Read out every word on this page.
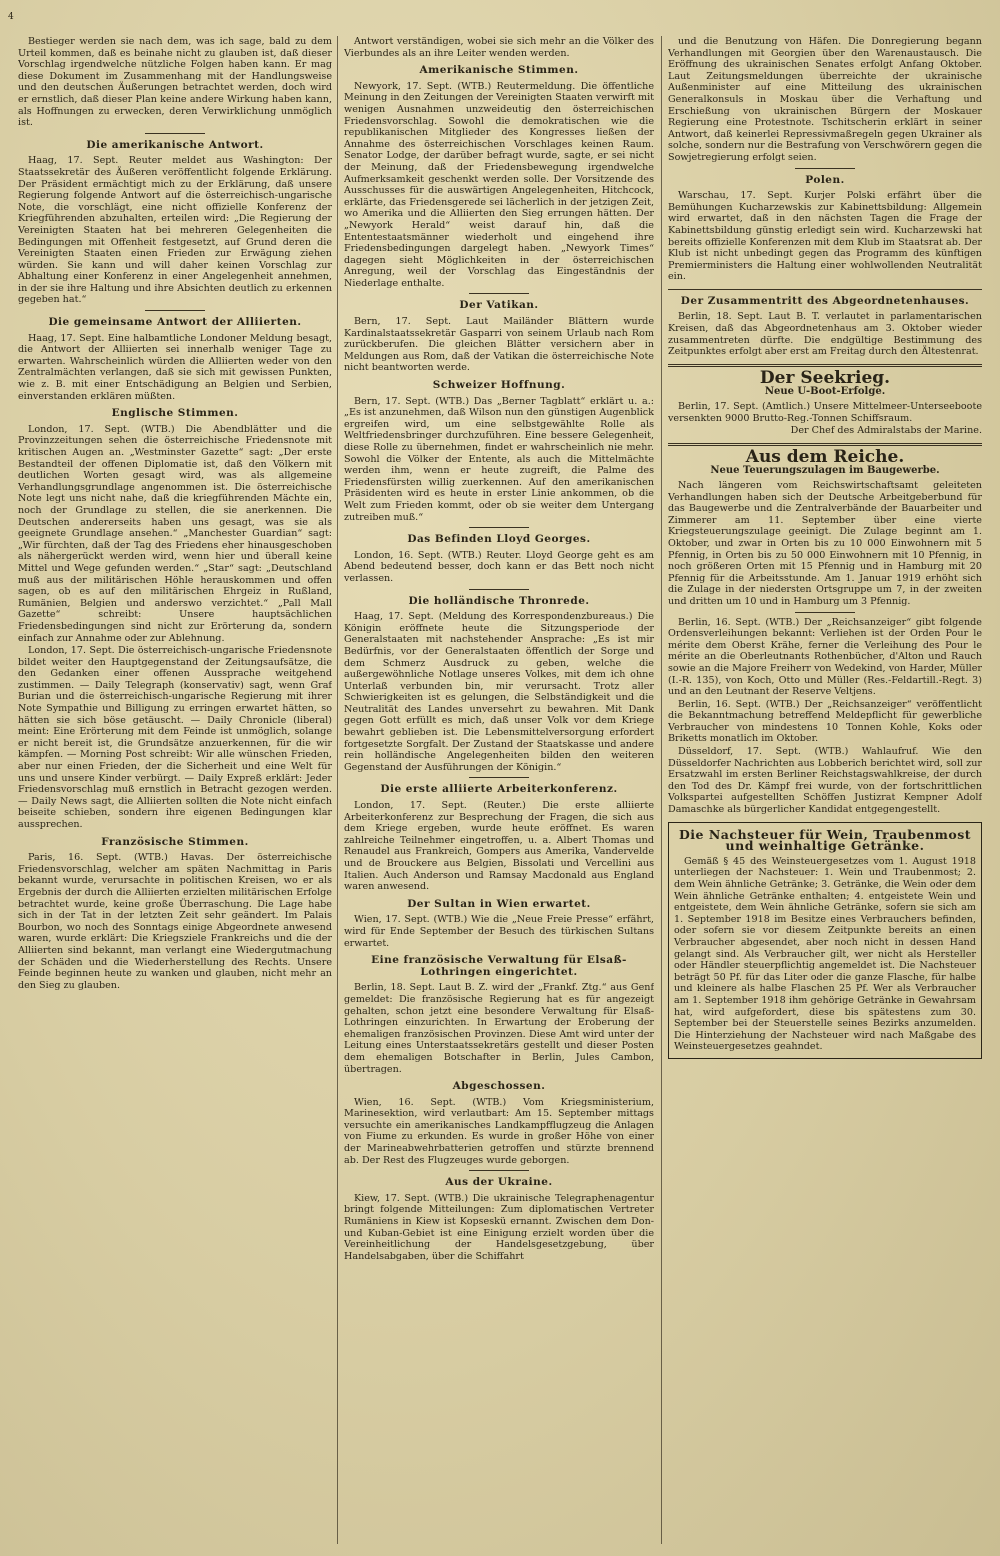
4

Bestieger werden sie nach dem, was ich sage, bald zu dem Urteil kommen, daß es beinahe nicht zu glauben ist, daß dieser Vorschlag irgendwelche nützliche Folgen haben kann. Er mag diese Dokument im Zusammenhang mit der Handlungsweise und den deutschen Äußerungen betrachtet werden, doch wird er ernstlich, daß dieser Plan keine andere Wirkung haben kann, als Hoffnungen zu erwecken, deren Verwirklichung unmöglich ist.

Die amerikanische Antwort.

Haag, 17. Sept. Reuter meldet aus Washington: Der Staatssekretär des Äußeren veröffentlicht folgende Erklärung. Der Präsident ermächtigt mich zu der Erklärung, daß unsere Regierung folgende Antwort auf die österreichisch-ungarische Note, die vorschlägt, eine nicht offizielle Konferenz der Kriegführenden abzuhalten, erteilen wird: „Die Regierung der Vereinigten Staaten hat bei mehreren Gelegenheiten die Bedingungen mit Offenheit festgesetzt, auf Grund deren die Vereinigten Staaten einen Frieden zur Erwägung ziehen würden. Sie kann und will daher keinen Vorschlag zur Abhaltung einer Konferenz in einer Angelegenheit annehmen, in der sie ihre Haltung und ihre Absichten deutlich zu erkennen gegeben hat.“

Die gemeinsame Antwort der Alliierten.

Haag, 17. Sept. Eine halbamtliche Londoner Meldung besagt, die Antwort der Alliierten sei innerhalb weniger Tage zu erwarten. Wahrscheinlich würden die Alliierten weder von den Zentralmächten verlangen, daß sie sich mit gewissen Punkten, wie z. B. mit einer Entschädigung an Belgien und Serbien, einverstanden erklären müßten.

Englische Stimmen.

London, 17. Sept. (WTB.) Die Abendblätter und die Provinzzeitungen sehen die österreichische Friedensnote mit kritischen Augen an. „Westminster Gazette“ sagt: „Der erste Bestandteil der offenen Diplomatie ist, daß den Völkern mit deutlichen Worten gesagt wird, was als allgemeine Verhandlungsgrundlage angenommen ist. Die österreichische Note legt uns nicht nahe, daß die kriegführenden Mächte ein, noch der Grundlage zu stellen, die sie anerkennen. Die Deutschen andererseits haben uns gesagt, was sie als geeignete Grundlage ansehen.“ „Manchester Guardian“ sagt: „Wir fürchten, daß der Tag des Friedens eher hinausgeschoben als nähergerückt werden wird, wenn hier und überall keine Mittel und Wege gefunden werden.“ „Star“ sagt: „Deutschland muß aus der militärischen Höhle herauskommen und offen sagen, ob es auf den militärischen Ehrgeiz in Rußland, Rumänien, Belgien und anderswo verzichtet.“ „Pall Mall Gazette“ schreibt: Unsere hauptsächlichen Friedensbedingungen sind nicht zur Erörterung da, sondern einfach zur Annahme oder zur Ablehnung.

London, 17. Sept. Die österreichisch-ungarische Friedensnote bildet weiter den Hauptgegenstand der Zeitungsaufsätze, die den Gedanken einer offenen Aussprache weitgehend zustimmen. — Daily Telegraph (konservativ) sagt, wenn Graf Burian und die österreichisch-ungarische Regierung mit ihrer Note Sympathie und Billigung zu erringen erwartet hätten, so hätten sie sich böse getäuscht. — Daily Chronicle (liberal) meint: Eine Erörterung mit dem Feinde ist unmöglich, solange er nicht bereit ist, die Grundsätze anzuerkennen, für die wir kämpfen. — Morning Post schreibt: Wir alle wünschen Frieden, aber nur einen Frieden, der die Sicherheit und eine Welt für uns und unsere Kinder verbürgt. — Daily Expreß erklärt: Jeder Friedensvorschlag muß ernstlich in Betracht gezogen werden. — Daily News sagt, die Alliierten sollten die Note nicht einfach beiseite schieben, sondern ihre eigenen Bedingungen klar aussprechen.

Französische Stimmen.

Paris, 16. Sept. (WTB.) Havas. Der österreichische Friedensvorschlag, welcher am späten Nachmittag in Paris bekannt wurde, verursachte in politischen Kreisen, wo er als Ergebnis der durch die Alliierten erzielten militärischen Erfolge betrachtet wurde, keine große Überraschung. Die Lage habe sich in der Tat in der letzten Zeit sehr geändert. Im Palais Bourbon, wo noch des Sonntags einige Abgeordnete anwesend waren, wurde erklärt: Die Kriegsziele Frankreichs und die der Alliierten sind bekannt, man verlangt eine Wiedergutmachung der Schäden und die Wiederherstellung des Rechts. Unsere Feinde beginnen heute zu wanken und glauben, nicht mehr an den Sieg zu glauben.

Antwort verständigen, wobei sie sich mehr an die Völker des Vierbundes als an ihre Leiter wenden werden.

Amerikanische Stimmen.

Newyork, 17. Sept. (WTB.) Reutermeldung. Die öffentliche Meinung in den Zeitungen der Vereinigten Staaten verwirft mit wenigen Ausnahmen unzweideutig den österreichischen Friedensvorschlag. Sowohl die demokratischen wie die republikanischen Mitglieder des Kongresses ließen der Annahme des österreichischen Vorschlages keinen Raum. Senator Lodge, der darüber befragt wurde, sagte, er sei nicht der Meinung, daß der Friedensbewegung irgendwelche Aufmerksamkeit geschenkt werden solle. Der Vorsitzende des Ausschusses für die auswärtigen Angelegenheiten, Hitchcock, erklärte, das Friedensgerede sei lächerlich in der jetzigen Zeit, wo Amerika und die Alliierten den Sieg errungen hätten. Der „Newyork Herald“ weist darauf hin, daß die Ententestaatsmänner wiederholt und eingehend ihre Friedensbedingungen dargelegt haben. „Newyork Times“ dagegen sieht Möglichkeiten in der österreichischen Anregung, weil der Vorschlag das Eingeständnis der Niederlage enthalte.

Der Vatikan.

Bern, 17. Sept. Laut Mailänder Blättern wurde Kardinalstaatssekretär Gasparri von seinem Urlaub nach Rom zurückberufen. Die gleichen Blätter versichern aber in Meldungen aus Rom, daß der Vatikan die österreichische Note nicht beantworten werde.

Schweizer Hoffnung.

Bern, 17. Sept. (WTB.) Das „Berner Tagblatt“ erklärt u. a.: „Es ist anzunehmen, daß Wilson nun den günstigen Augenblick ergreifen wird, um eine selbstgewählte Rolle als Weltfriedensbringer durchzuführen. Eine bessere Gelegenheit, diese Rolle zu übernehmen, findet er wahrscheinlich nie mehr. Sowohl die Völker der Entente, als auch die Mittelmächte werden ihm, wenn er heute zugreift, die Palme des Friedensfürsten willig zuerkennen. Auf den amerikanischen Präsidenten wird es heute in erster Linie ankommen, ob die Welt zum Frieden kommt, oder ob sie weiter dem Untergang zutreiben muß.“

Das Befinden Lloyd Georges.

London, 16. Sept. (WTB.) Reuter. Lloyd George geht es am Abend bedeutend besser, doch kann er das Bett noch nicht verlassen.

Die holländische Thronrede.

Haag, 17. Sept. (Meldung des Korrespondenzbureaus.) Die Königin eröffnete heute die Sitzungsperiode der Generalstaaten mit nachstehender Ansprache: „Es ist mir Bedürfnis, vor der Generalstaaten öffentlich der Sorge und dem Schmerz Ausdruck zu geben, welche die außergewöhnliche Notlage unseres Volkes, mit dem ich ohne Unterlaß verbunden bin, mir verursacht. Trotz aller Schwierigkeiten ist es gelungen, die Selbständigkeit und die Neutralität des Landes unversehrt zu bewahren. Mit Dank gegen Gott erfüllt es mich, daß unser Volk vor dem Kriege bewahrt geblieben ist. Die Lebensmittelversorgung erfordert fortgesetzte Sorgfalt. Der Zustand der Staatskasse und andere rein holländische Angelegenheiten bilden den weiteren Gegenstand der Ausführungen der Königin.“

Die erste alliierte Arbeiterkonferenz.

London, 17. Sept. (Reuter.) Die erste alliierte Arbeiterkonferenz zur Besprechung der Fragen, die sich aus dem Kriege ergeben, wurde heute eröffnet. Es waren zahlreiche Teilnehmer eingetroffen, u. a. Albert Thomas und Renaudel aus Frankreich, Gompers aus Amerika, Vandervelde und de Brouckere aus Belgien, Bissolati und Vercellini aus Italien. Auch Anderson und Ramsay Macdonald aus England waren anwesend.

Der Sultan in Wien erwartet.

Wien, 17. Sept. (WTB.) Wie die „Neue Freie Presse“ erfährt, wird für Ende September der Besuch des türkischen Sultans erwartet.

Eine französische Verwaltung für Elsaß-Lothringen eingerichtet.

Berlin, 18. Sept. Laut B. Z. wird der „Frankf. Ztg.“ aus Genf gemeldet: Die französische Regierung hat es für angezeigt gehalten, schon jetzt eine besondere Verwaltung für Elsaß-Lothringen einzurichten. In Erwartung der Eroberung der ehemaligen französischen Provinzen. Diese Amt wird unter der Leitung eines Unterstaatssekretärs gestellt und dieser Posten dem ehemaligen Botschafter in Berlin, Jules Cambon, übertragen.

Abgeschossen.

Wien, 16. Sept. (WTB.) Vom Kriegsministerium, Marinesektion, wird verlautbart: Am 15. September mittags versuchte ein amerikanisches Landkampfflugzeug die Anlagen von Fiume zu erkunden. Es wurde in großer Höhe von einer der Marineabwehrbatterien getroffen und stürzte brennend ab. Der Rest des Flugzeuges wurde geborgen.

Aus der Ukraine.

Kiew, 17. Sept. (WTB.) Die ukrainische Telegraphenagentur bringt folgende Mitteilungen: Zum diplomatischen Vertreter Rumäniens in Kiew ist Kopseskü ernannt. Zwischen dem Don- und Kuban-Gebiet ist eine Einigung erzielt worden über die Vereinheitlichung der Handelsgesetzgebung, über Handelsabgaben, über die Schiffahrt

und die Benutzung von Häfen. Die Donregierung begann Verhandlungen mit Georgien über den Warenaustausch. Die Eröffnung des ukrainischen Senates erfolgt Anfang Oktober. Laut Zeitungsmeldungen überreichte der ukrainische Außenminister auf eine Mitteilung des ukrainischen Generalkonsuls in Moskau über die Verhaftung und Erschießung von ukrainischen Bürgern der Moskauer Regierung eine Protestnote. Tschitscherin erklärt in seiner Antwort, daß keinerlei Repressivmaßregeln gegen Ukrainer als solche, sondern nur die Bestrafung von Verschwörern gegen die Sowjetregierung erfolgt seien.

Polen.

Warschau, 17. Sept. Kurjer Polski erfährt über die Bemühungen Kucharzewskis zur Kabinettsbildung: Allgemein wird erwartet, daß in den nächsten Tagen die Frage der Kabinettsbildung günstig erledigt sein wird. Kucharzewski hat bereits offizielle Konferenzen mit dem Klub im Staatsrat ab. Der Klub ist nicht unbedingt gegen das Programm des künftigen Premierministers die Haltung einer wohlwollenden Neutralität ein.

Der Zusammentritt des Abgeordnetenhauses.

Berlin, 18. Sept. Laut B. T. verlautet in parlamentarischen Kreisen, daß das Abgeordnetenhaus am 3. Oktober wieder zusammentreten dürfte. Die endgültige Bestimmung des Zeitpunktes erfolgt aber erst am Freitag durch den Ältestenrat.

Der Seekrieg.
Neue U-Boot-Erfolge.

Berlin, 17. Sept. (Amtlich.) Unsere Mittelmeer-Unterseeboote versenkten 9000 Brutto-Reg.-Tonnen Schiffsraum.

Der Chef des Admiralstabs der Marine.

Aus dem Reiche.
Neue Teuerungszulagen im Baugewerbe.

Nach längeren vom Reichswirtschaftsamt geleiteten Verhandlungen haben sich der Deutsche Arbeitgeberbund für das Baugewerbe und die Zentralverbände der Bauarbeiter und Zimmerer am 11. September über eine vierte Kriegsteuerungszulage geeinigt. Die Zulage beginnt am 1. Oktober, und zwar in Orten bis zu 10 000 Einwohnern mit 5 Pfennig, in Orten bis zu 50 000 Einwohnern mit 10 Pfennig, in noch größeren Orten mit 15 Pfennig und in Hamburg mit 20 Pfennig für die Arbeitsstunde. Am 1. Januar 1919 erhöht sich die Zulage in der niedersten Ortsgruppe um 7, in der zweiten und dritten um 10 und in Hamburg um 3 Pfennig.

Berlin, 16. Sept. (WTB.) Der „Reichsanzeiger“ gibt folgende Ordensverleihungen bekannt: Verliehen ist der Orden Pour le mérite dem Oberst Krähe, ferner die Verleihung des Pour le mérite an die Oberleutnants Rothenbücher, d'Alton und Rauch sowie an die Majore Freiherr von Wedekind, von Harder, Müller (I.-R. 135), von Koch, Otto und Müller (Res.-Feldartill.-Regt. 3) und an den Leutnant der Reserve Veltjens.

Berlin, 16. Sept. (WTB.) Der „Reichsanzeiger“ veröffentlicht die Bekanntmachung betreffend Meldepflicht für gewerbliche Verbraucher von mindestens 10 Tonnen Kohle, Koks oder Briketts monatlich im Oktober.

Düsseldorf, 17. Sept. (WTB.) Wahlaufruf. Wie den Düsseldorfer Nachrichten aus Lobberich berichtet wird, soll zur Ersatzwahl im ersten Berliner Reichstagswahlkreise, der durch den Tod des Dr. Kämpf frei wurde, von der fortschrittlichen Volkspartei aufgestellten Schöffen Justizrat Kempner Adolf Damaschke als bürgerlicher Kandidat entgegengestellt.

Die Nachsteuer für Wein, Traubenmost und weinhaltige Getränke.

Gemäß § 45 des Weinsteuergesetzes vom 1. August 1918 unterliegen der Nachsteuer: 1. Wein und Traubenmost; 2. dem Wein ähnliche Getränke; 3. Getränke, die Wein oder dem Wein ähnliche Getränke enthalten; 4. entgeistete Wein und entgeistete, dem Wein ähnliche Getränke, sofern sie sich am 1. September 1918 im Besitze eines Verbrauchers befinden, oder sofern sie vor diesem Zeitpunkte bereits an einen Verbraucher abgesendet, aber noch nicht in dessen Hand gelangt sind. Als Verbraucher gilt, wer nicht als Hersteller oder Händler steuerpflichtig angemeldet ist. Die Nachsteuer beträgt 50 Pf. für das Liter oder die ganze Flasche, für halbe und kleinere als halbe Flaschen 25 Pf. Wer als Verbraucher am 1. September 1918 ihm gehörige Getränke in Gewahrsam hat, wird aufgefordert, diese bis spätestens zum 30. September bei der Steuerstelle seines Bezirks anzumelden. Die Hinterziehung der Nachsteuer wird nach Maßgabe des Weinsteuergesetzes geahndet.
